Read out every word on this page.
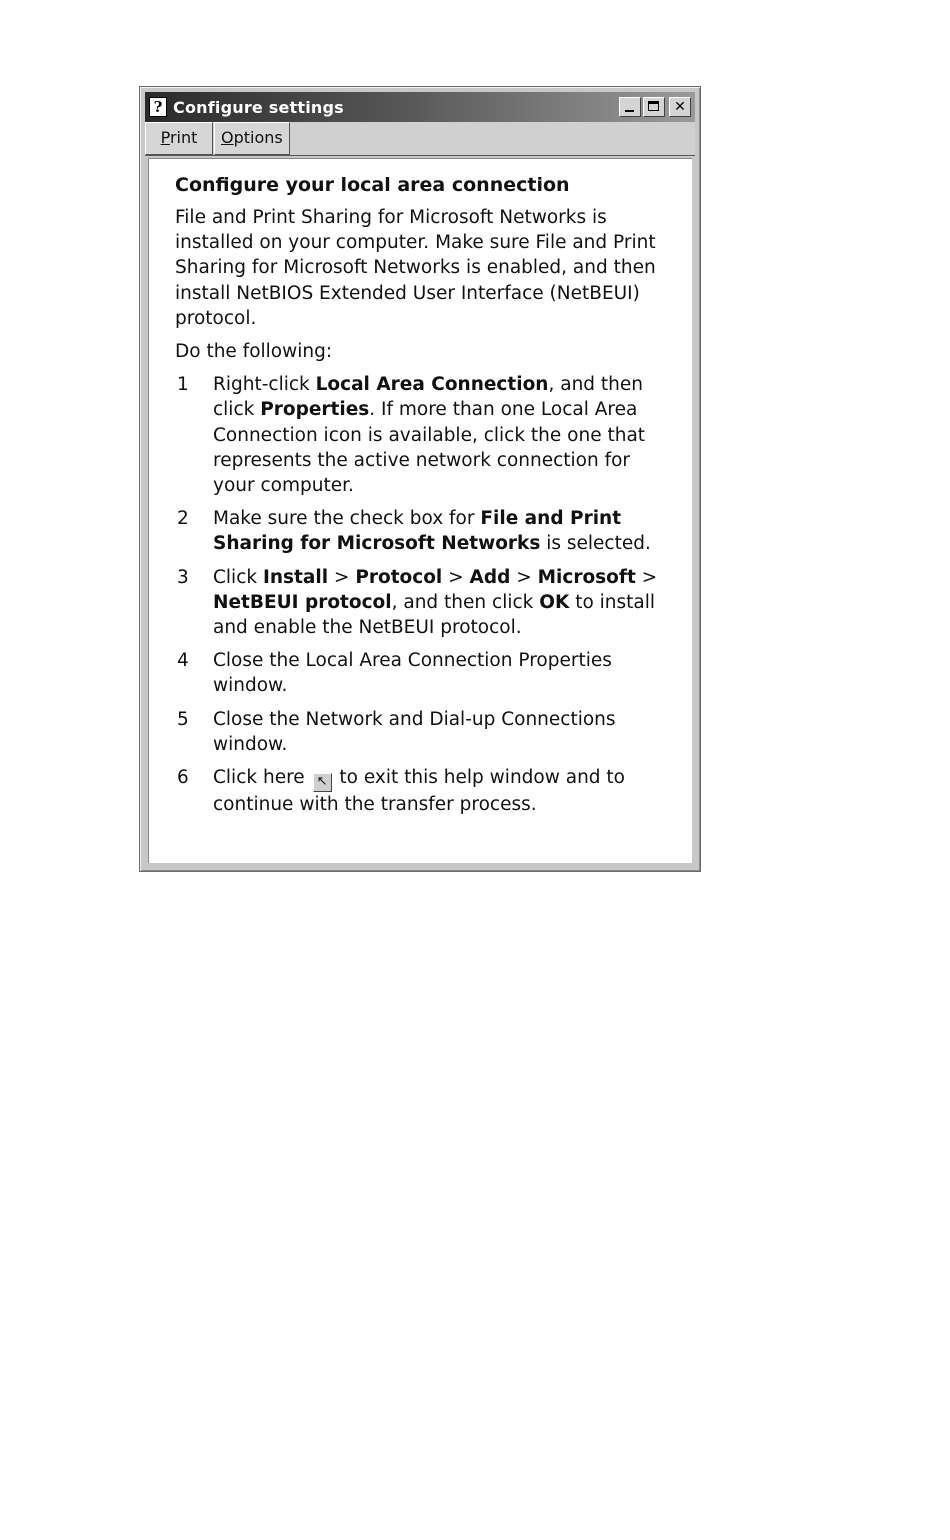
? Configure settings	✕
Print	Options
Configure your local area connection

File and Print Sharing for Microsoft Networks is installed on your computer. Make sure File and Print Sharing for Microsoft Networks is enabled, and then install NetBIOS Extended User Interface (NetBEUI) protocol.

Do the following:

1	Right-click Local Area Connection, and then click Properties. If more than one Local Area Connection icon is available, click the one that represents the active network connection for your computer.
2	Make sure the check box for File and Print Sharing for Microsoft Networks is selected.
3	Click Install > Protocol > Add > Microsoft > NetBEUI protocol, and then click OK to install and enable the NetBEUI protocol.
4	Close the Local Area Connection Properties window.
5	Close the Network and Dial-up Connections window.
6	Click here ↖ to exit this help window and to continue with the transfer process.
